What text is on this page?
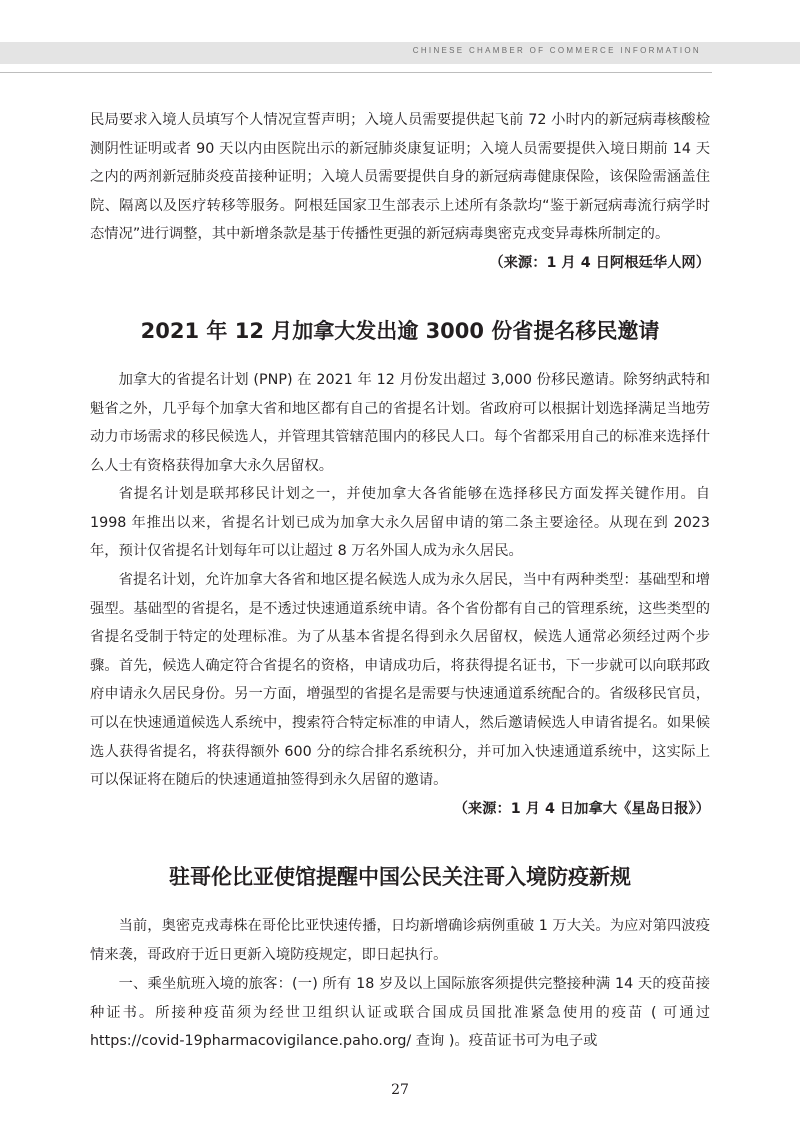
CHINESE CHAMBER OF COMMERCE INFORMATION

民局要求入境人员填写个人情况宣誓声明；入境人员需要提供起飞前 72 小时内的新冠病毒核酸检测阴性证明或者 90 天以内由医院出示的新冠肺炎康复证明；入境人员需要提供入境日期前 14 天之内的两剂新冠肺炎疫苗接种证明；入境人员需要提供自身的新冠病毒健康保险，该保险需涵盖住院、隔离以及医疗转移等服务。阿根廷国家卫生部表示上述所有条款均“鉴于新冠病毒流行病学时态情况”进行调整，其中新增条款是基于传播性更强的新冠病毒奥密克戎变异毒株所制定的。
（来源：1 月 4 日阿根廷华人网）

2021 年 12 月加拿大发出逾 3000 份省提名移民邀请

加拿大的省提名计划 (PNP) 在 2021 年 12 月份发出超过 3,000 份移民邀请。除努纳武特和魁省之外，几乎每个加拿大省和地区都有自己的省提名计划。省政府可以根据计划选择满足当地劳动力市场需求的移民候选人，并管理其管辖范围内的移民人口。每个省都采用自己的标准来选择什么人士有资格获得加拿大永久居留权。

省提名计划是联邦移民计划之一，并使加拿大各省能够在选择移民方面发挥关键作用。自 1998 年推出以来，省提名计划已成为加拿大永久居留申请的第二条主要途径。从现在到 2023 年，预计仅省提名计划每年可以让超过 8 万名外国人成为永久居民。

省提名计划，允许加拿大各省和地区提名候选人成为永久居民，当中有两种类型：基础型和增强型。基础型的省提名，是不透过快速通道系统申请。各个省份都有自己的管理系统，这些类型的省提名受制于特定的处理标准。为了从基本省提名得到永久居留权，候选人通常必须经过两个步骤。首先，候选人确定符合省提名的资格，申请成功后，将获得提名证书，下一步就可以向联邦政府申请永久居民身份。另一方面，增强型的省提名是需要与快速通道系统配合的。省级移民官员，可以在快速通道候选人系统中，搜索符合特定标准的申请人，然后邀请候选人申请省提名。如果候选人获得省提名，将获得额外 600 分的综合排名系统积分，并可加入快速通道系统中，这实际上可以保证将在随后的快速通道抽签得到永久居留的邀请。
（来源：1 月 4 日加拿大《星岛日报》）

驻哥伦比亚使馆提醒中国公民关注哥入境防疫新规

当前，奥密克戎毒株在哥伦比亚快速传播，日均新增确诊病例重破 1 万大关。为应对第四波疫情来袭，哥政府于近日更新入境防疫规定，即日起执行。

一、乘坐航班入境的旅客：(一) 所有 18 岁及以上国际旅客须提供完整接种满 14 天的疫苗接种证书。所接种疫苗须为经世卫组织认证或联合国成员国批准紧急使用的疫苗 ( 可通过 https://covid-19pharmacovigilance.paho.org/ 查询 )。疫苗证书可为电子或

27
